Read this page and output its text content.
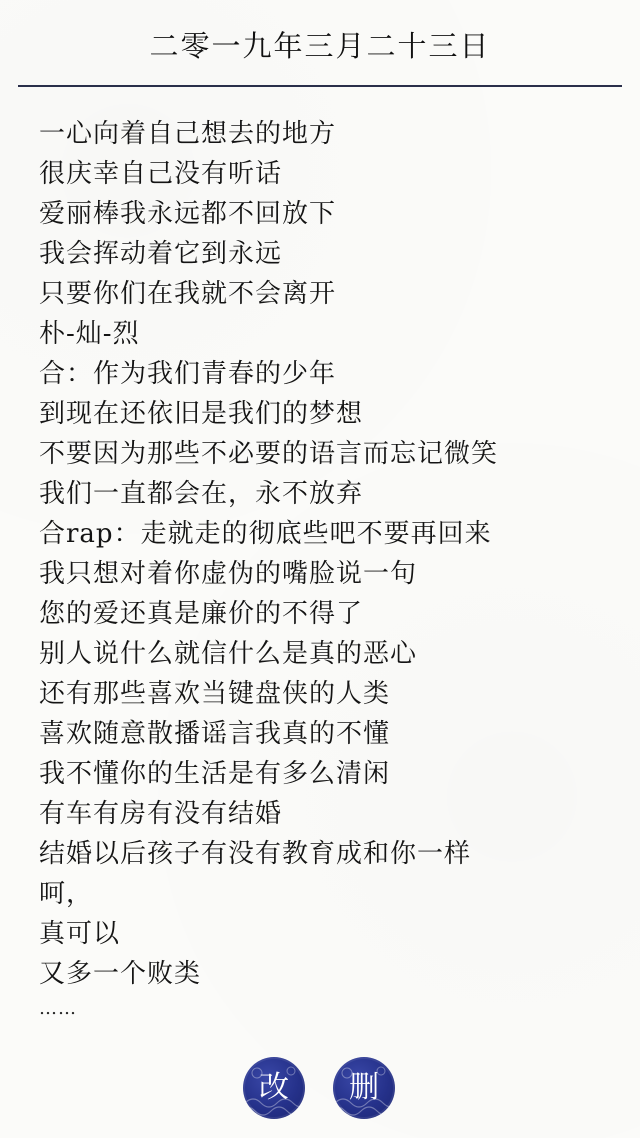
二零一九年三月二十三日
一心向着自己想去的地方
很庆幸自己没有听话
爱丽棒我永远都不回放下
我会挥动着它到永远
只要你们在我就不会离开
朴-灿-烈
合：作为我们青春的少年
到现在还依旧是我们的梦想
不要因为那些不必要的语言而忘记微笑
我们一直都会在，永不放弃
合rap：走就走的彻底些吧不要再回来
我只想对着你虚伪的嘴脸说一句
您的爱还真是廉价的不得了
别人说什么就信什么是真的恶心
还有那些喜欢当键盘侠的人类
喜欢随意散播谣言我真的不懂
我不懂你的生活是有多么清闲
有车有房有没有结婚
结婚以后孩子有没有教育成和你一样
呵，
真可以
又多一个败类
……
改	删
